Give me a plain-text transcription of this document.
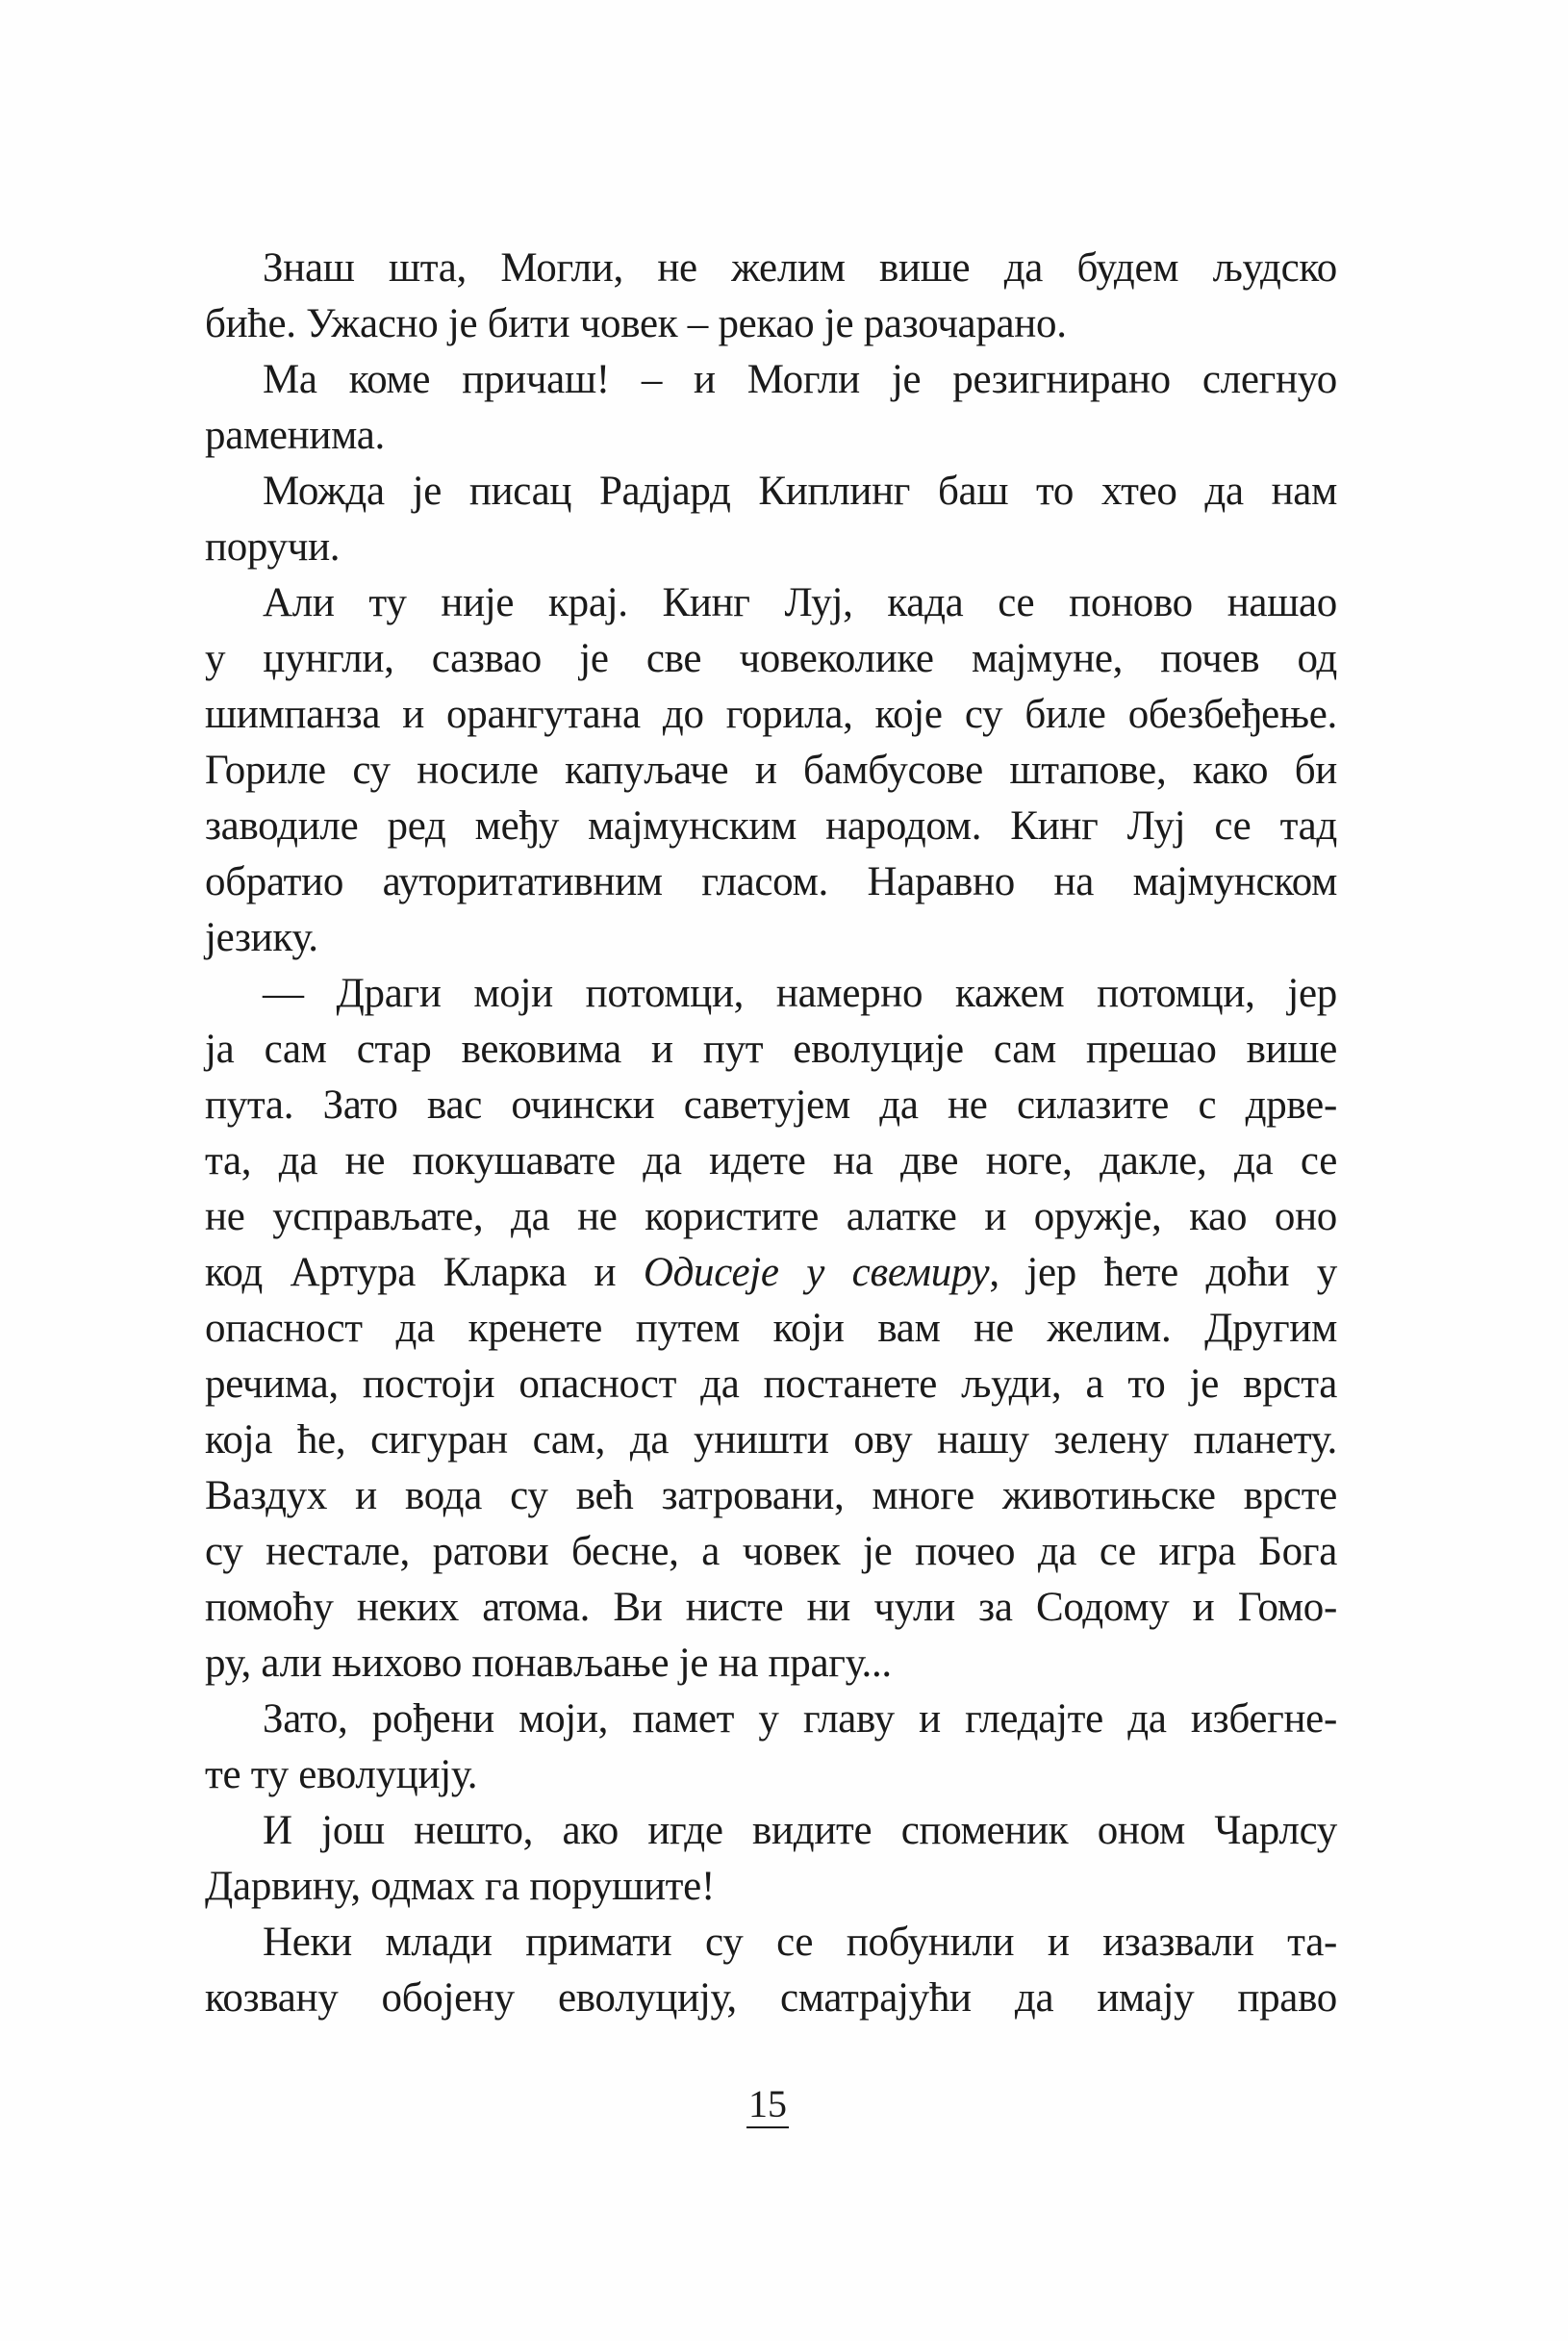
Знаш шта, Могли, не желим више да будем људско
биће. Ужасно је бити човек – рекао је разочарано.
Ма коме причаш! – и Могли је резигнирано слегнуо
раменима.
Можда је писац Радјард Киплинг баш то хтео да нам
поручи.
Али ту није крај. Кинг Луј, када се поново нашао
у џунгли, сазвао је све човеколике мајмуне, почев од
шимпанза и орангутана до горила, које су биле обезбеђење.
Гориле су носиле капуљаче и бамбусове штапове, како би
заводиле ред међу мајмунским народом. Кинг Луј се тад
обратио ауторитативним гласом. Наравно на мајмунском
језику.
— Драги моји потомци, намерно кажем потомци, јер
ја сам стар вековима и пут еволуције сам прешао више
пута. Зато вас очински саветујем да не силазите с дрве-
та, да не покушавате да идете на две ноге, дакле, да се
не усправљате, да не користите алатке и оружје, као оно
код Артура Кларка и Одисеје у свемиру, јер ћете доћи у
опасност да кренете путем који вам не желим. Другим
речима, постоји опасност да постанете људи, а то је врста
која ће, сигуран сам, да уништи ову нашу зелену планету.
Ваздух и вода су већ затровани, многе животињске врсте
су нестале, ратови бесне, а човек је почео да се игра Бога
помоћу неких атома. Ви нисте ни чули за Содому и Гомо-
ру, али њихово понављање је на прагу...
Зато, рођени моји, памет у главу и гледајте да избегне-
те ту еволуцију.
И још нешто, ако игде видите споменик оном Чарлсу
Дарвину, одмах га порушите!
Неки млади примати су се побунили и изазвали та-
козвану обојену еволуцију, сматрајући да имају право
15
